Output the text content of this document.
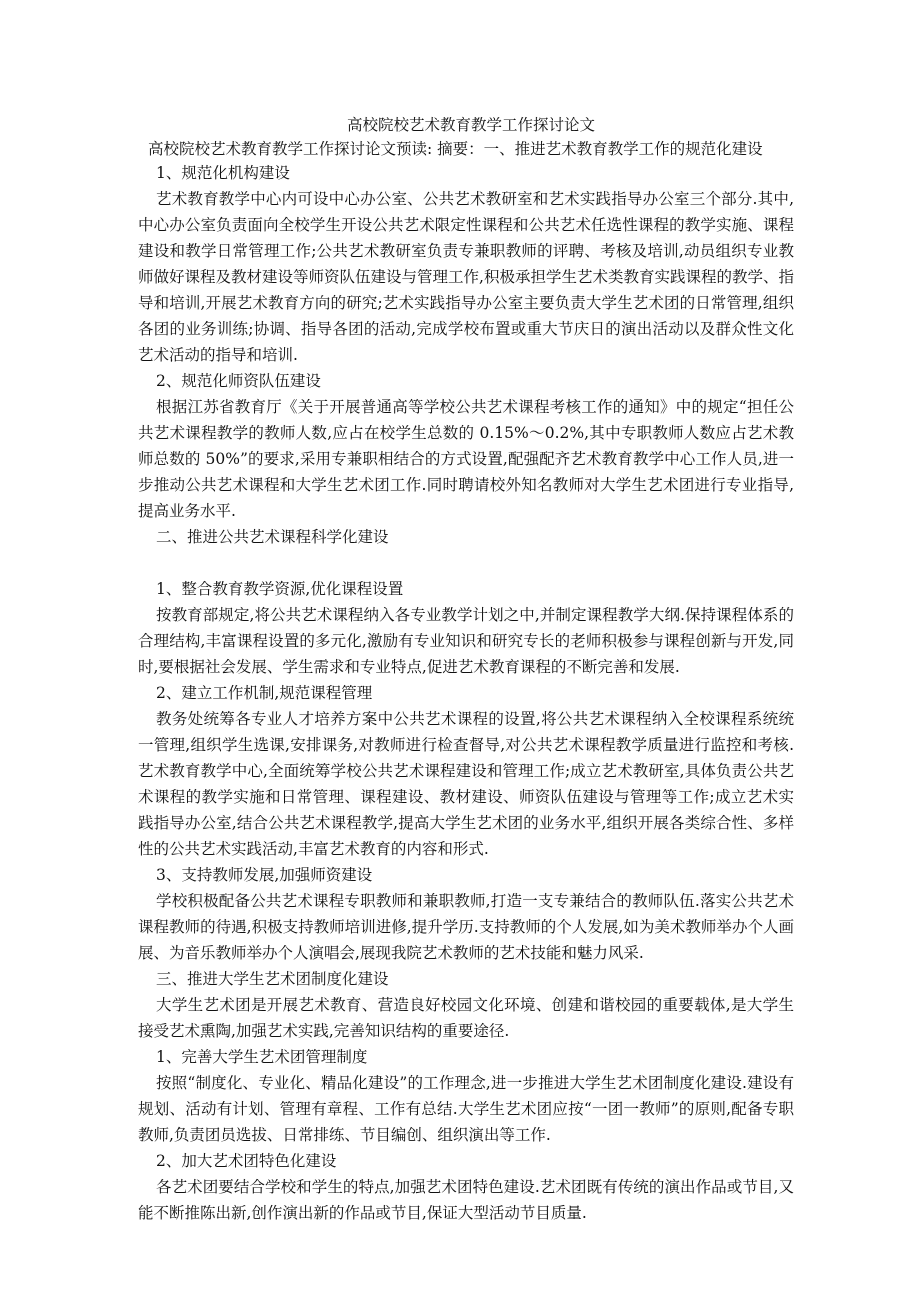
高校院校艺术教育教学工作探讨论文

高校院校艺术教育教学工作探讨论文预读: 摘要：一、推进艺术教育教学工作的规范化建设

1、规范化机构建设

艺术教育教学中心内可设中心办公室、公共艺术教研室和艺术实践指导办公室三个部分.其中,中心办公室负责面向全校学生开设公共艺术限定性课程和公共艺术任选性课程的教学实施、课程建设和教学日常管理工作;公共艺术教研室负责专兼职教师的评聘、考核及培训,动员组织专业教师做好课程及教材建设等师资队伍建设与管理工作,积极承担学生艺术类教育实践课程的教学、指导和培训,开展艺术教育方向的研究;艺术实践指导办公室主要负责大学生艺术团的日常管理,组织各团的业务训练;协调、指导各团的活动,完成学校布置或重大节庆日的演出活动以及群众性文化艺术活动的指导和培训.

2、规范化师资队伍建设

根据江苏省教育厅《关于开展普通高等学校公共艺术课程考核工作的通知》中的规定“担任公共艺术课程教学的教师人数,应占在校学生总数的 0.15%～0.2%,其中专职教师人数应占艺术教师总数的 50%”的要求,采用专兼职相结合的方式设置,配强配齐艺术教育教学中心工作人员,进一步推动公共艺术课程和大学生艺术团工作.同时聘请校外知名教师对大学生艺术团进行专业指导,提高业务水平.

二、推进公共艺术课程科学化建设

1、整合教育教学资源,优化课程设置

按教育部规定,将公共艺术课程纳入各专业教学计划之中,并制定课程教学大纲.保持课程体系的合理结构,丰富课程设置的多元化,激励有专业知识和研究专长的老师积极参与课程创新与开发,同时,要根据社会发展、学生需求和专业特点,促进艺术教育课程的不断完善和发展.

2、建立工作机制,规范课程管理

教务处统筹各专业人才培养方案中公共艺术课程的设置,将公共艺术课程纳入全校课程系统统一管理,组织学生选课,安排课务,对教师进行检查督导,对公共艺术课程教学质量进行监控和考核.艺术教育教学中心,全面统筹学校公共艺术课程建设和管理工作;成立艺术教研室,具体负责公共艺术课程的教学实施和日常管理、课程建设、教材建设、师资队伍建设与管理等工作;成立艺术实践指导办公室,结合公共艺术课程教学,提高大学生艺术团的业务水平,组织开展各类综合性、多样性的公共艺术实践活动,丰富艺术教育的内容和形式.

3、支持教师发展,加强师资建设

学校积极配备公共艺术课程专职教师和兼职教师,打造一支专兼结合的教师队伍.落实公共艺术课程教师的待遇,积极支持教师培训进修,提升学历.支持教师的个人发展,如为美术教师举办个人画展、为音乐教师举办个人演唱会,展现我院艺术教师的艺术技能和魅力风采.

三、推进大学生艺术团制度化建设

大学生艺术团是开展艺术教育、营造良好校园文化环境、创建和谐校园的重要载体,是大学生接受艺术熏陶,加强艺术实践,完善知识结构的重要途径.

1、完善大学生艺术团管理制度

按照“制度化、专业化、精品化建设”的工作理念,进一步推进大学生艺术团制度化建设.建设有规划、活动有计划、管理有章程、工作有总结.大学生艺术团应按“一团一教师”的原则,配备专职教师,负责团员选拔、日常排练、节目编创、组织演出等工作.

2、加大艺术团特色化建设

各艺术团要结合学校和学生的特点,加强艺术团特色建设.艺术团既有传统的演出作品或节目,又能不断推陈出新,创作演出新的作品或节目,保证大型活动节目质量.
